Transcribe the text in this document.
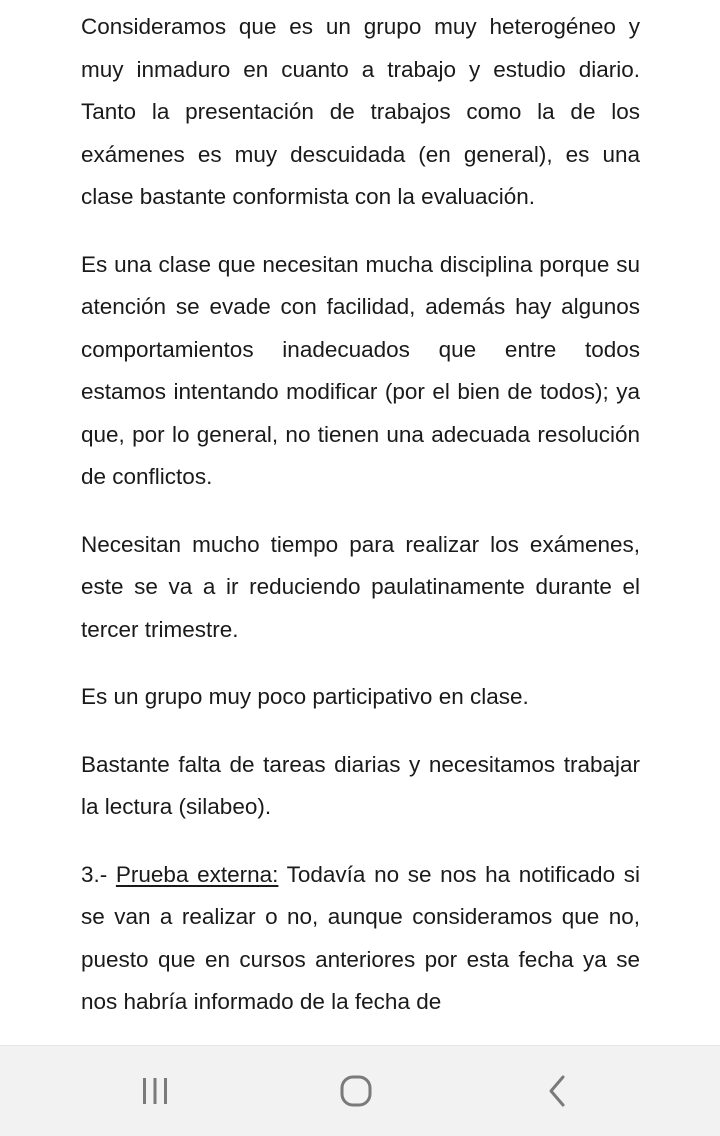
Consideramos que es un grupo muy heterogéneo y muy inmaduro en cuanto a trabajo y estudio diario. Tanto la presentación de trabajos como la de los exámenes es muy descuidada (en general), es una clase bastante conformista con la evaluación.

Es una clase que necesitan mucha disciplina porque su atención se evade con facilidad, además hay algunos comportamientos inadecuados que entre todos estamos intentando modificar (por el bien de todos); ya que, por lo general, no tienen una adecuada resolución de conflictos.

Necesitan mucho tiempo para realizar los exámenes, este se va a ir reduciendo paulatinamente durante el tercer trimestre.

Es un grupo muy poco participativo en clase.

Bastante falta de tareas diarias y necesitamos trabajar la lectura (silabeo).

3.- Prueba externa: Todavía no se nos ha notificado si se van a realizar o no, aunque consideramos que no, puesto que en cursos anteriores por esta fecha ya se nos habría informado de la fecha de
